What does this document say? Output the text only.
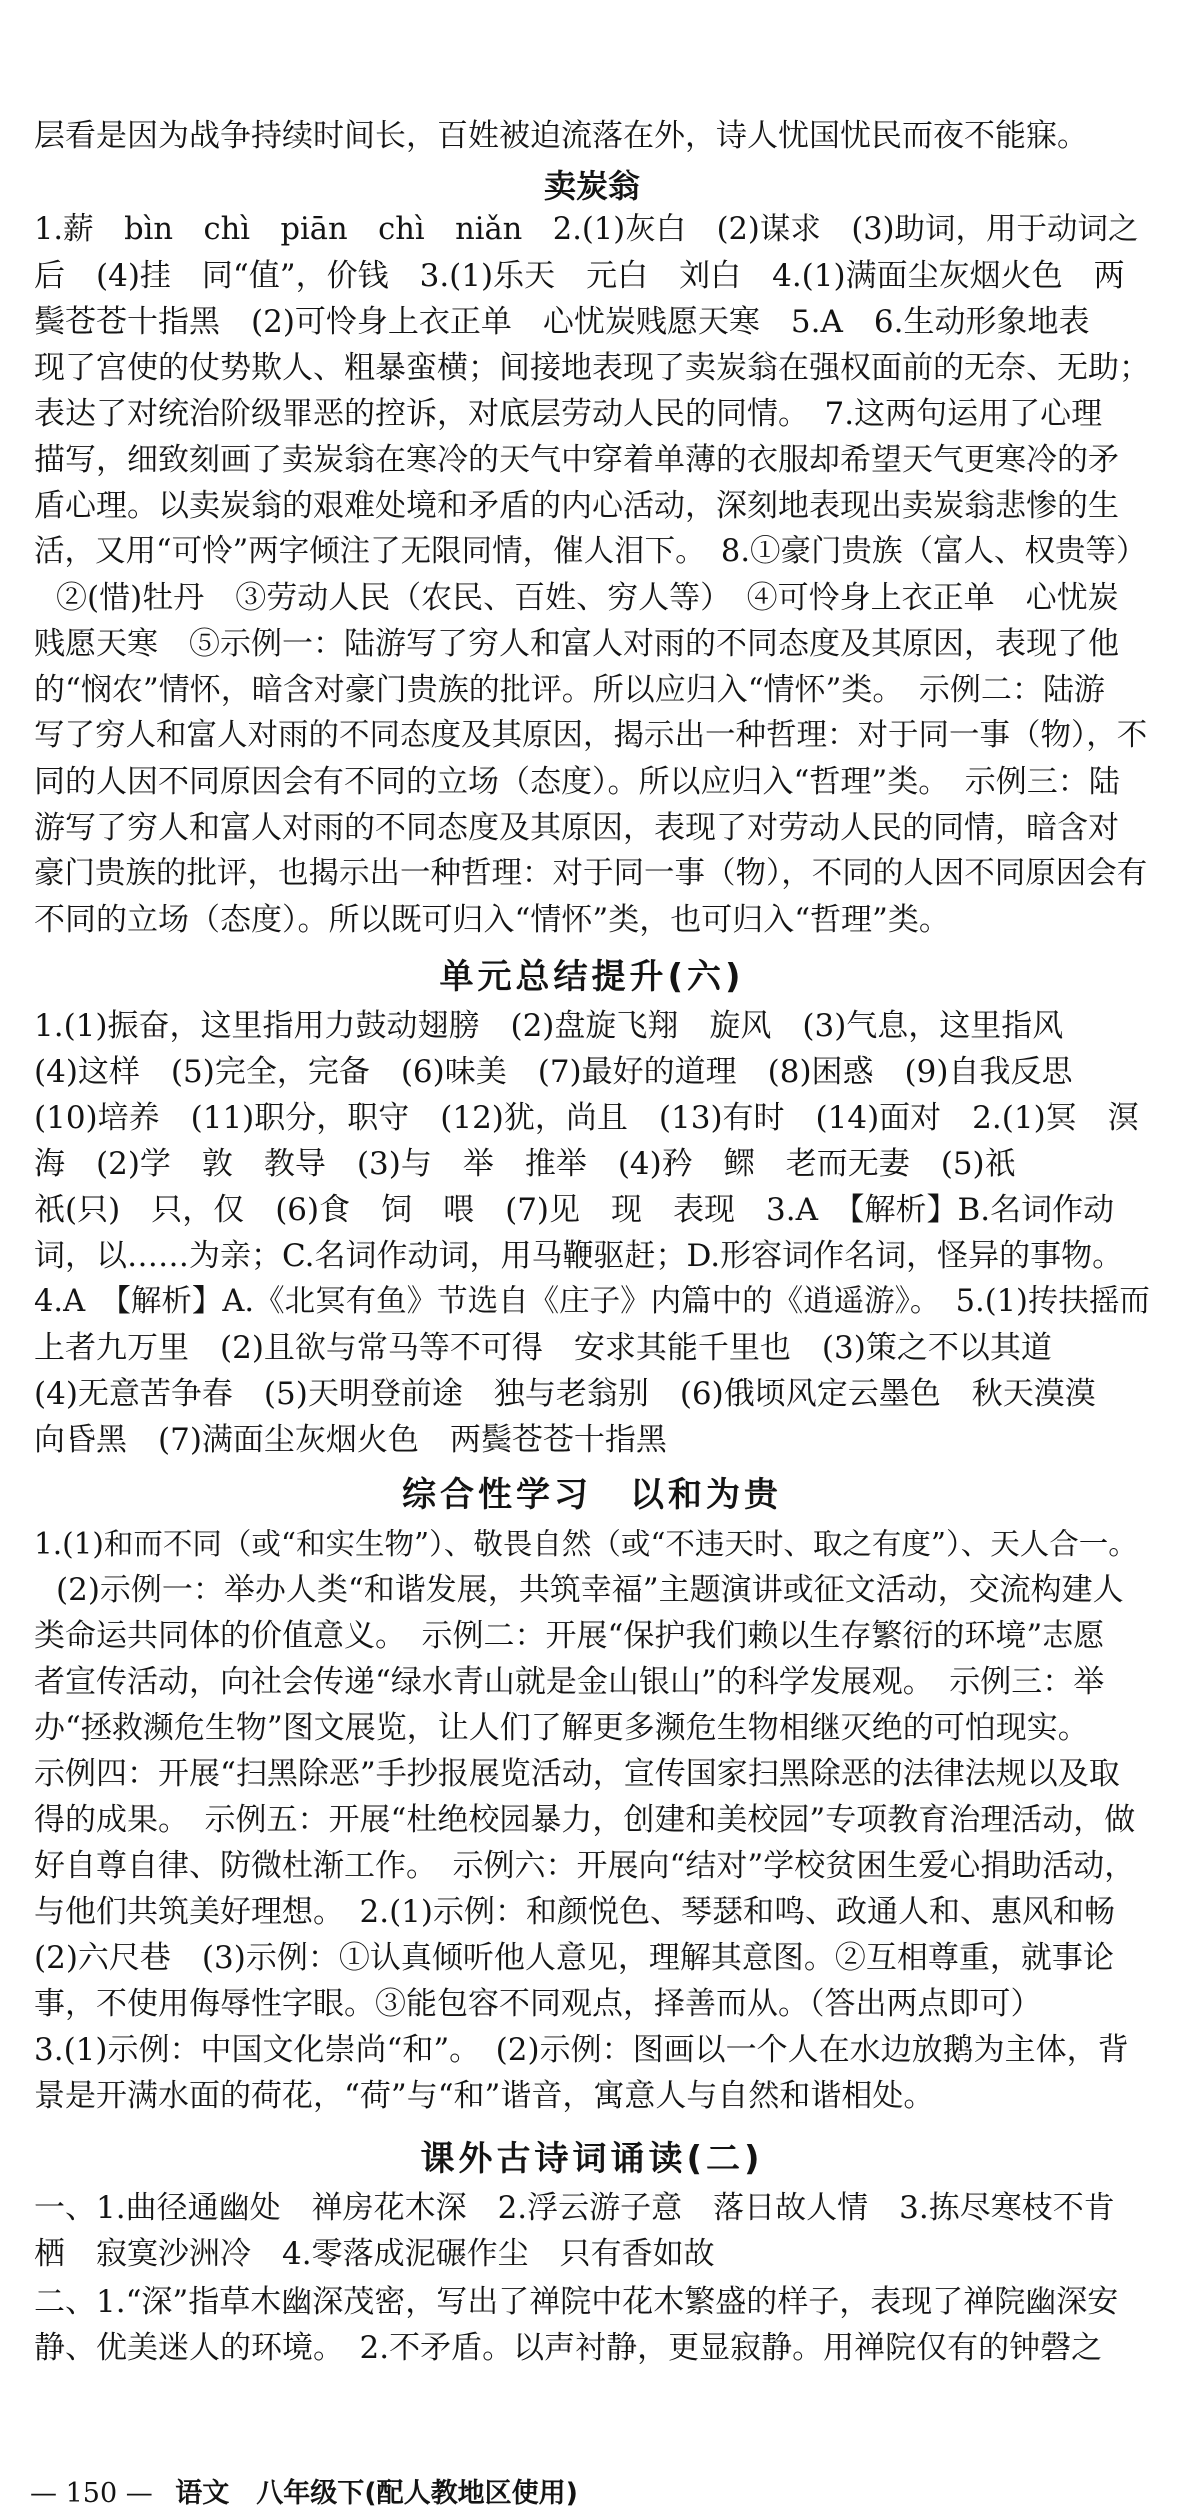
层看是因为战争持续时间长，百姓被迫流落在外，诗人忧国忧民而夜不能寐。
卖炭翁
1.薪　bìn　chì　piān　chì　niǎn　2.(1)灰白　(2)谋求　(3)助词，用于动词之
后　(4)挂　同“值”，价钱　3.(1)乐天　元白　刘白　4.(1)满面尘灰烟火色　两
鬓苍苍十指黑　(2)可怜身上衣正单　心忧炭贱愿天寒　5.A　6.生动形象地表
现了宫使的仗势欺人、粗暴蛮横；间接地表现了卖炭翁在强权面前的无奈、无助；
表达了对统治阶级罪恶的控诉，对底层劳动人民的同情。　7.这两句运用了心理
描写，细致刻画了卖炭翁在寒冷的天气中穿着单薄的衣服却希望天气更寒冷的矛
盾心理。以卖炭翁的艰难处境和矛盾的内心活动，深刻地表现出卖炭翁悲惨的生
活，又用“可怜”两字倾注了无限同情，催人泪下。　8.①豪门贵族（富人、权贵等）
②(惜)牡丹　③劳动人民（农民、百姓、穷人等）　④可怜身上衣正单　心忧炭
贱愿天寒　⑤示例一：陆游写了穷人和富人对雨的不同态度及其原因，表现了他
的“悯农”情怀，暗含对豪门贵族的批评。所以应归入“情怀”类。　示例二：陆游
写了穷人和富人对雨的不同态度及其原因，揭示出一种哲理：对于同一事（物），不
同的人因不同原因会有不同的立场（态度）。所以应归入“哲理”类。　示例三：陆
游写了穷人和富人对雨的不同态度及其原因，表现了对劳动人民的同情，暗含对
豪门贵族的批评，也揭示出一种哲理：对于同一事（物），不同的人因不同原因会有
不同的立场（态度）。所以既可归入“情怀”类，也可归入“哲理”类。
单元总结提升(六)
1.(1)振奋，这里指用力鼓动翅膀　(2)盘旋飞翔　旋风　(3)气息，这里指风
(4)这样　(5)完全，完备　(6)味美　(7)最好的道理　(8)困惑　(9)自我反思
(10)培养　(11)职分，职守　(12)犹，尚且　(13)有时　(14)面对　2.(1)冥　溟
海　(2)学　敦　教导　(3)与　举　推举　(4)矜　鳏　老而无妻　(5)祇
祇(只)　只，仅　(6)食　饲　喂　(7)见　现　表现　3.A　【解析】B.名词作动
词，以……为亲；C.名词作动词，用马鞭驱赶；D.形容词作名词，怪异的事物。
4.A　【解析】A.《北冥有鱼》节选自《庄子》内篇中的《逍遥游》。　5.(1)抟扶摇而
上者九万里　(2)且欲与常马等不可得　安求其能千里也　(3)策之不以其道
(4)无意苦争春　(5)天明登前途　独与老翁别　(6)俄顷风定云墨色　秋天漠漠
向昏黑　(7)满面尘灰烟火色　两鬓苍苍十指黑
综合性学习　以和为贵
1.(1)和而不同（或“和实生物”）、敬畏自然（或“不违天时、取之有度”）、天人合一。
(2)示例一：举办人类“和谐发展，共筑幸福”主题演讲或征文活动，交流构建人
类命运共同体的价值意义。　示例二：开展“保护我们赖以生存繁衍的环境”志愿
者宣传活动，向社会传递“绿水青山就是金山银山”的科学发展观。　示例三：举
办“拯救濒危生物”图文展览，让人们了解更多濒危生物相继灭绝的可怕现实。
示例四：开展“扫黑除恶”手抄报展览活动，宣传国家扫黑除恶的法律法规以及取
得的成果。　示例五：开展“杜绝校园暴力，创建和美校园”专项教育治理活动，做
好自尊自律、防微杜渐工作。　示例六：开展向“结对”学校贫困生爱心捐助活动，
与他们共筑美好理想。　2.(1)示例：和颜悦色、琴瑟和鸣、政通人和、惠风和畅
(2)六尺巷　(3)示例：①认真倾听他人意见，理解其意图。②互相尊重，就事论
事，不使用侮辱性字眼。③能包容不同观点，择善而从。（答出两点即可）
3.(1)示例：中国文化崇尚“和”。　(2)示例：图画以一个人在水边放鹅为主体，背
景是开满水面的荷花，“荷”与“和”谐音，寓意人与自然和谐相处。
课外古诗词诵读(二)
一、1.曲径通幽处　禅房花木深　2.浮云游子意　落日故人情　3.拣尽寒枝不肯
栖　寂寞沙洲冷　4.零落成泥碾作尘　只有香如故
二、1.“深”指草木幽深茂密，写出了禅院中花木繁盛的样子，表现了禅院幽深安
静、优美迷人的环境。　2.不矛盾。以声衬静，更显寂静。用禅院仅有的钟磬之
— 150 — 语文　八年级下(配人教地区使用)
